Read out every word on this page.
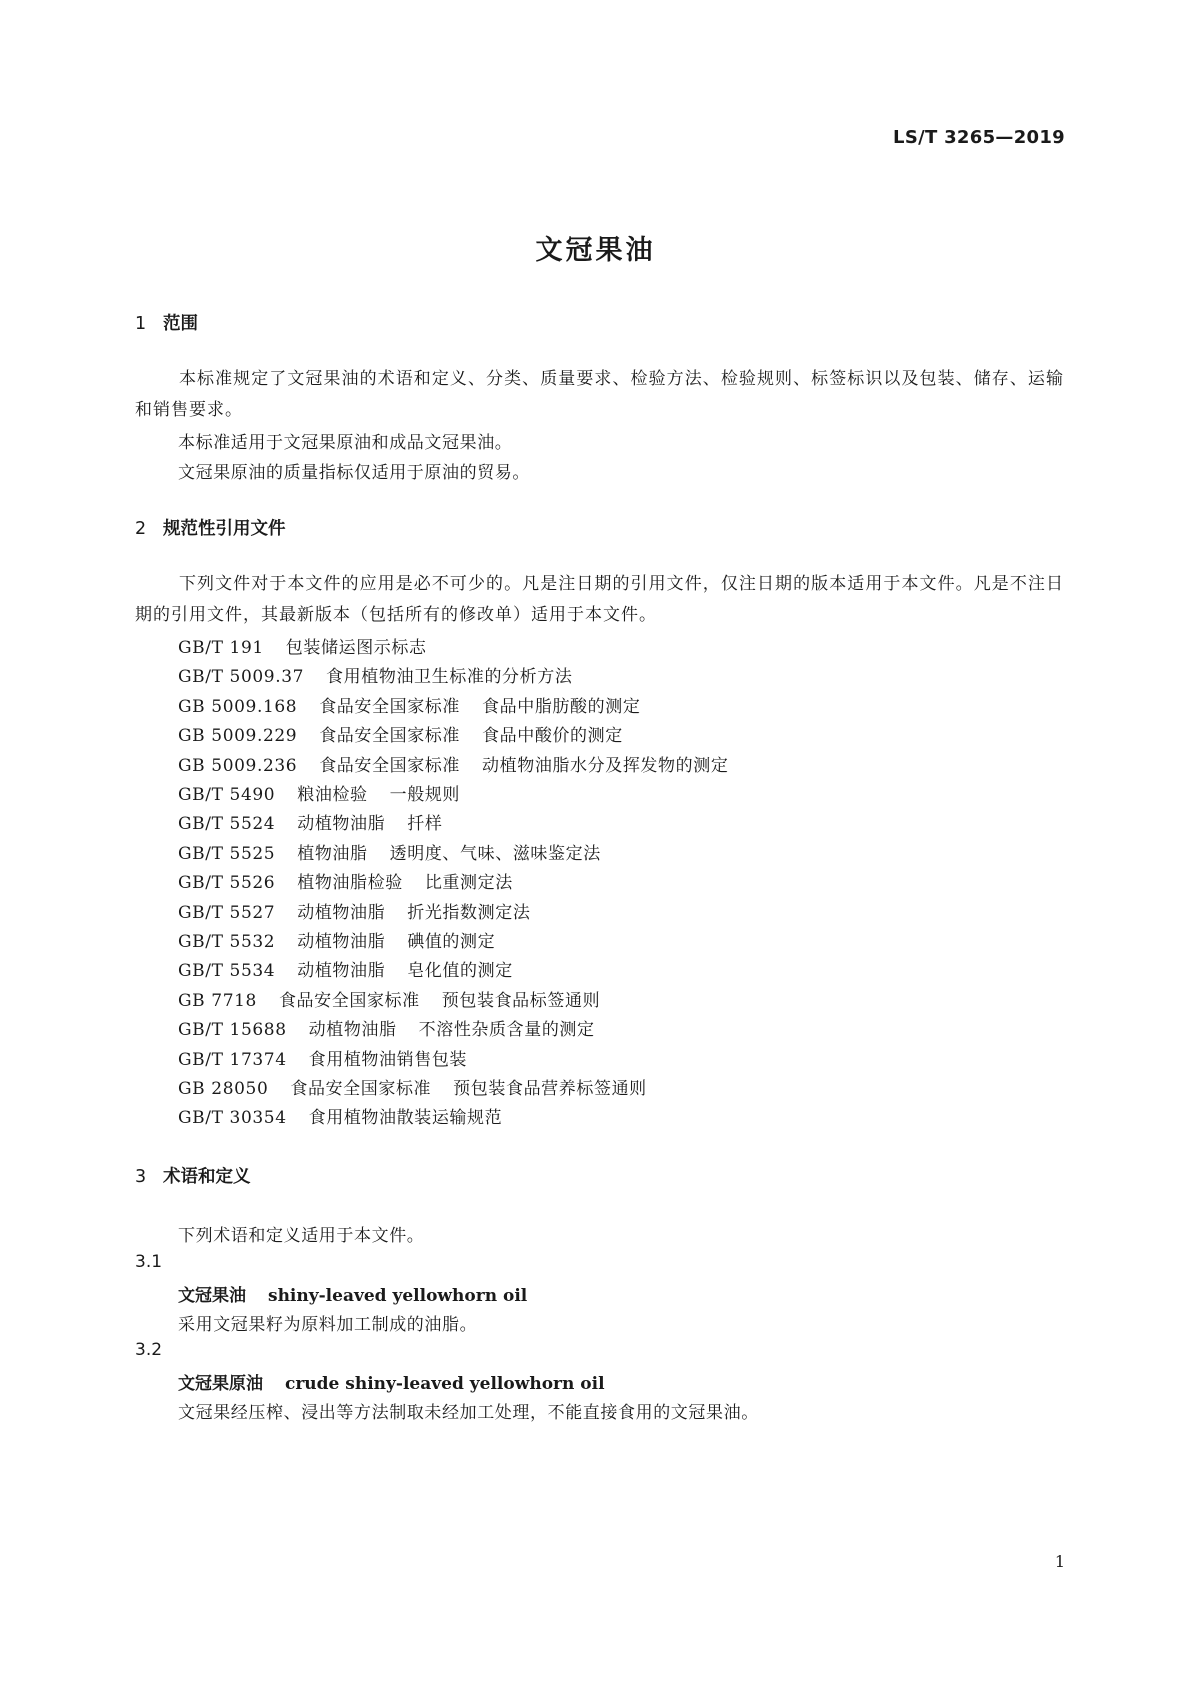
LS/T 3265—2019
文冠果油
1 范围
本标准规定了文冠果油的术语和定义、分类、质量要求、检验方法、检验规则、标签标识以及包装、储存、运输和销售要求。
本标准适用于文冠果原油和成品文冠果油。
文冠果原油的质量指标仅适用于原油的贸易。
2 规范性引用文件
下列文件对于本文件的应用是必不可少的。凡是注日期的引用文件，仅注日期的版本适用于本文件。凡是不注日期的引用文件，其最新版本（包括所有的修改单）适用于本文件。
GB/T 191 包装储运图示标志
GB/T 5009.37 食用植物油卫生标准的分析方法
GB 5009.168 食品安全国家标准 食品中脂肪酸的测定
GB 5009.229 食品安全国家标准 食品中酸价的测定
GB 5009.236 食品安全国家标准 动植物油脂水分及挥发物的测定
GB/T 5490 粮油检验 一般规则
GB/T 5524 动植物油脂 扦样
GB/T 5525 植物油脂 透明度、气味、滋味鉴定法
GB/T 5526 植物油脂检验 比重测定法
GB/T 5527 动植物油脂 折光指数测定法
GB/T 5532 动植物油脂 碘值的测定
GB/T 5534 动植物油脂 皂化值的测定
GB 7718 食品安全国家标准 预包装食品标签通则
GB/T 15688 动植物油脂 不溶性杂质含量的测定
GB/T 17374 食用植物油销售包装
GB 28050 食品安全国家标准 预包装食品营养标签通则
GB/T 30354 食用植物油散装运输规范
3 术语和定义
下列术语和定义适用于本文件。
3.1
文冠果油 shiny-leaved yellowhorn oil
采用文冠果籽为原料加工制成的油脂。
3.2
文冠果原油 crude shiny-leaved yellowhorn oil
文冠果经压榨、浸出等方法制取未经加工处理，不能直接食用的文冠果油。
1
